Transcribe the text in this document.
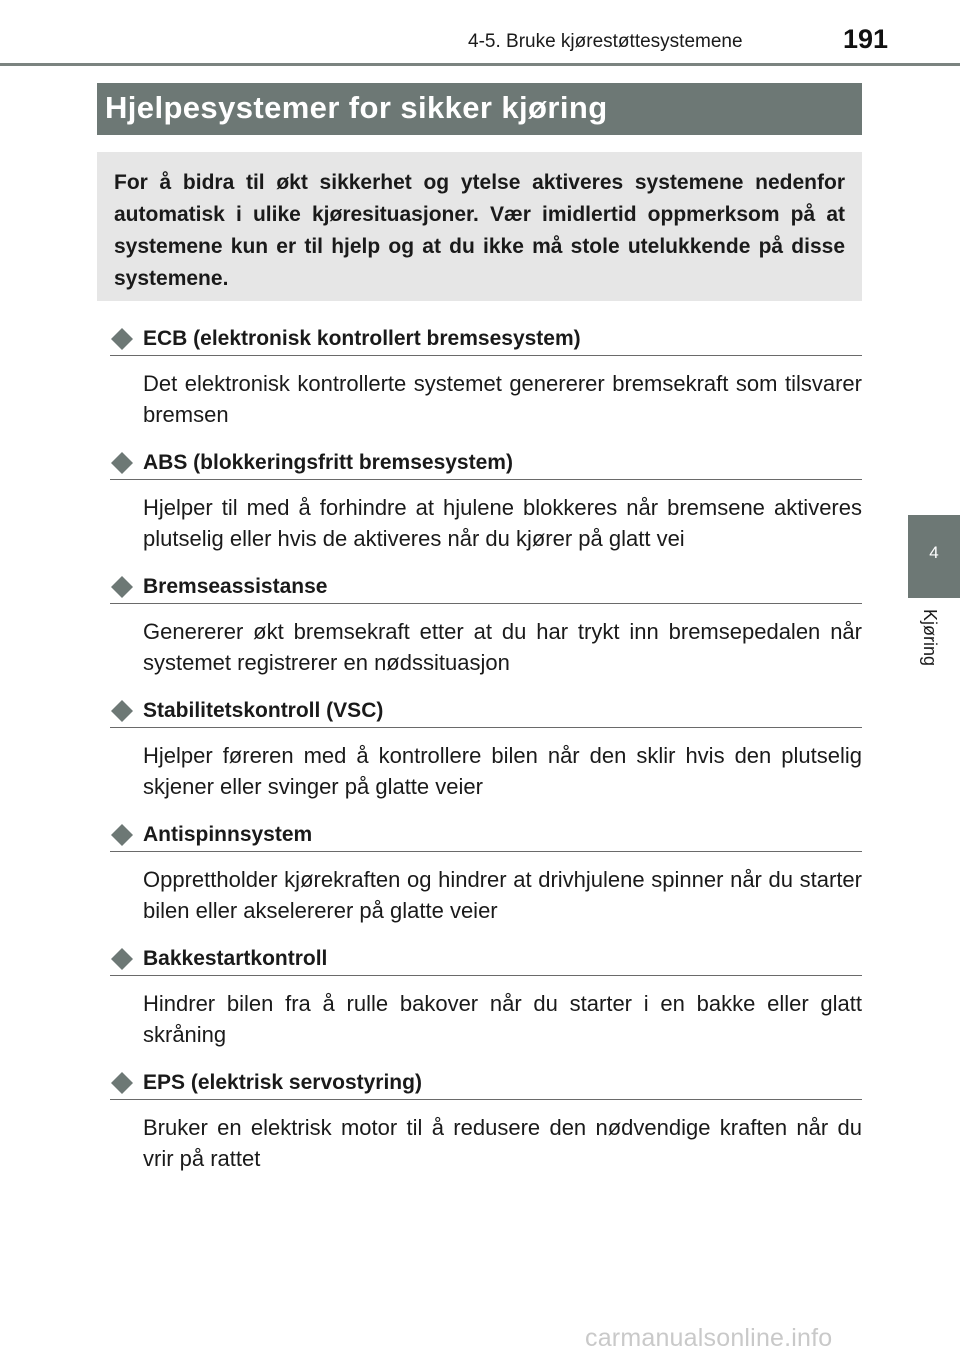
4-5. Bruke kjørestøttesystemene	191
Hjelpesystemer for sikker kjøring

For å bidra til økt sikkerhet og ytelse aktiveres systemene nedenfor automatisk i ulike kjøresituasjoner. Vær imidlertid oppmerksom på at systemene kun er til hjelp og at du ikke må stole utelukkende på disse systemene.

4
Kjøring
ECB (elektronisk kontrollert bremsesystem)
Det elektronisk kontrollerte systemet genererer bremsekraft som tilsvarer bremsen
ABS (blokkeringsfritt bremsesystem)
Hjelper til med å forhindre at hjulene blokkeres når bremsene aktiveres plutselig eller hvis de aktiveres når du kjører på glatt vei
Bremseassistanse
Genererer økt bremsekraft etter at du har trykt inn bremsepedalen når systemet registrerer en nødssituasjon
Stabilitetskontroll (VSC)
Hjelper føreren med å kontrollere bilen når den sklir hvis den plutselig skjener eller svinger på glatte veier
Antispinnsystem
Opprettholder kjørekraften og hindrer at drivhjulene spinner når du starter bilen eller akselererer på glatte veier
Bakkestartkontroll
Hindrer bilen fra å rulle bakover når du starter i en bakke eller glatt skråning
EPS (elektrisk servostyring)
Bruker en elektrisk motor til å redusere den nødvendige kraften når du vrir på rattet
carmanualsonline.info
